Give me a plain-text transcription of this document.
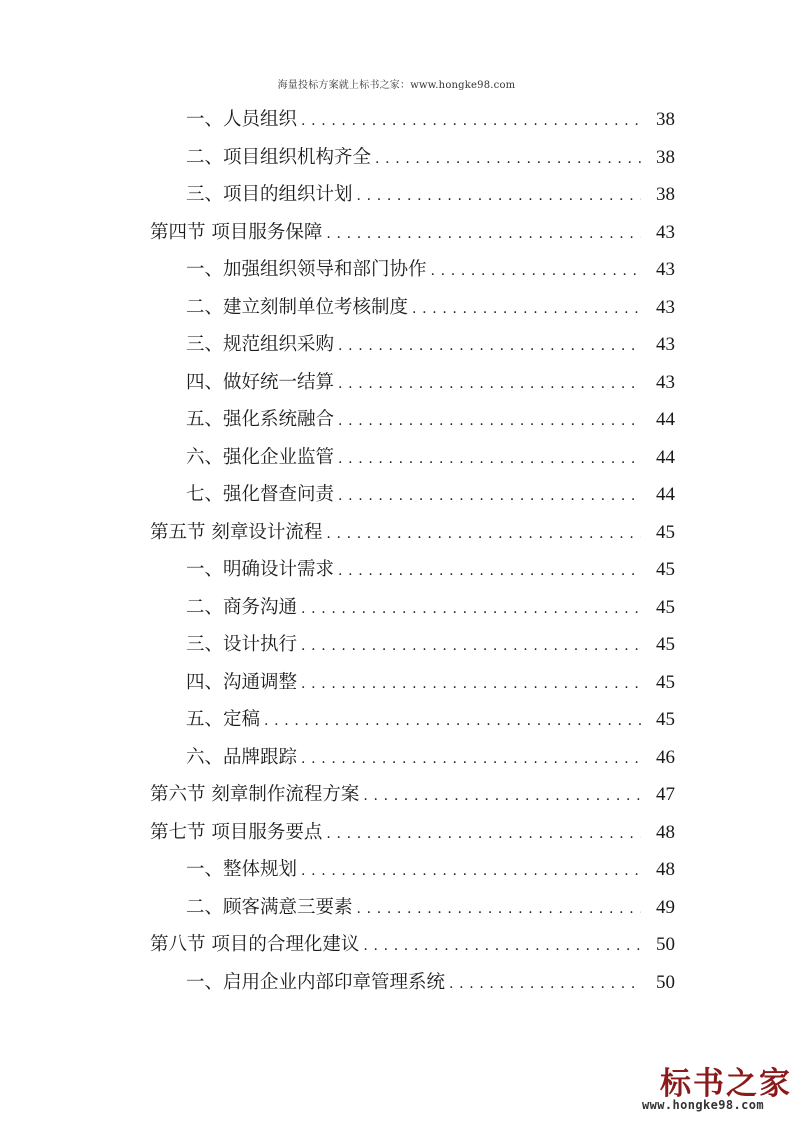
海量投标方案就上标书之家：www.hongke98.com
一、人员组织 . . .	38
二、项目组织机构齐全 . . .	38
三、项目的组织计划 . . .	38
第四节 项目服务保障 . . .	43
一、加强组织领导和部门协作 . . .	43
二、建立刻制单位考核制度 . . .	43
三、规范组织采购 . . .	43
四、做好统一结算 . . .	43
五、强化系统融合 . . .	44
六、强化企业监管 . . .	44
七、强化督查问责 . . .	44
第五节 刻章设计流程 . . .	45
一、明确设计需求 . . .	45
二、商务沟通 . . .	45
三、设计执行 . . .	45
四、沟通调整 . . .	45
五、定稿 . . .	45
六、品牌跟踪 . . .	46
第六节 刻章制作流程方案 . . .	47
第七节 项目服务要点 . . .	48
一、整体规划 . . .	48
二、顾客满意三要素 . . .	49
第八节 项目的合理化建议 . . .	50
一、启用企业内部印章管理系统 . . .	50
标书之家
www.hongke98.com
